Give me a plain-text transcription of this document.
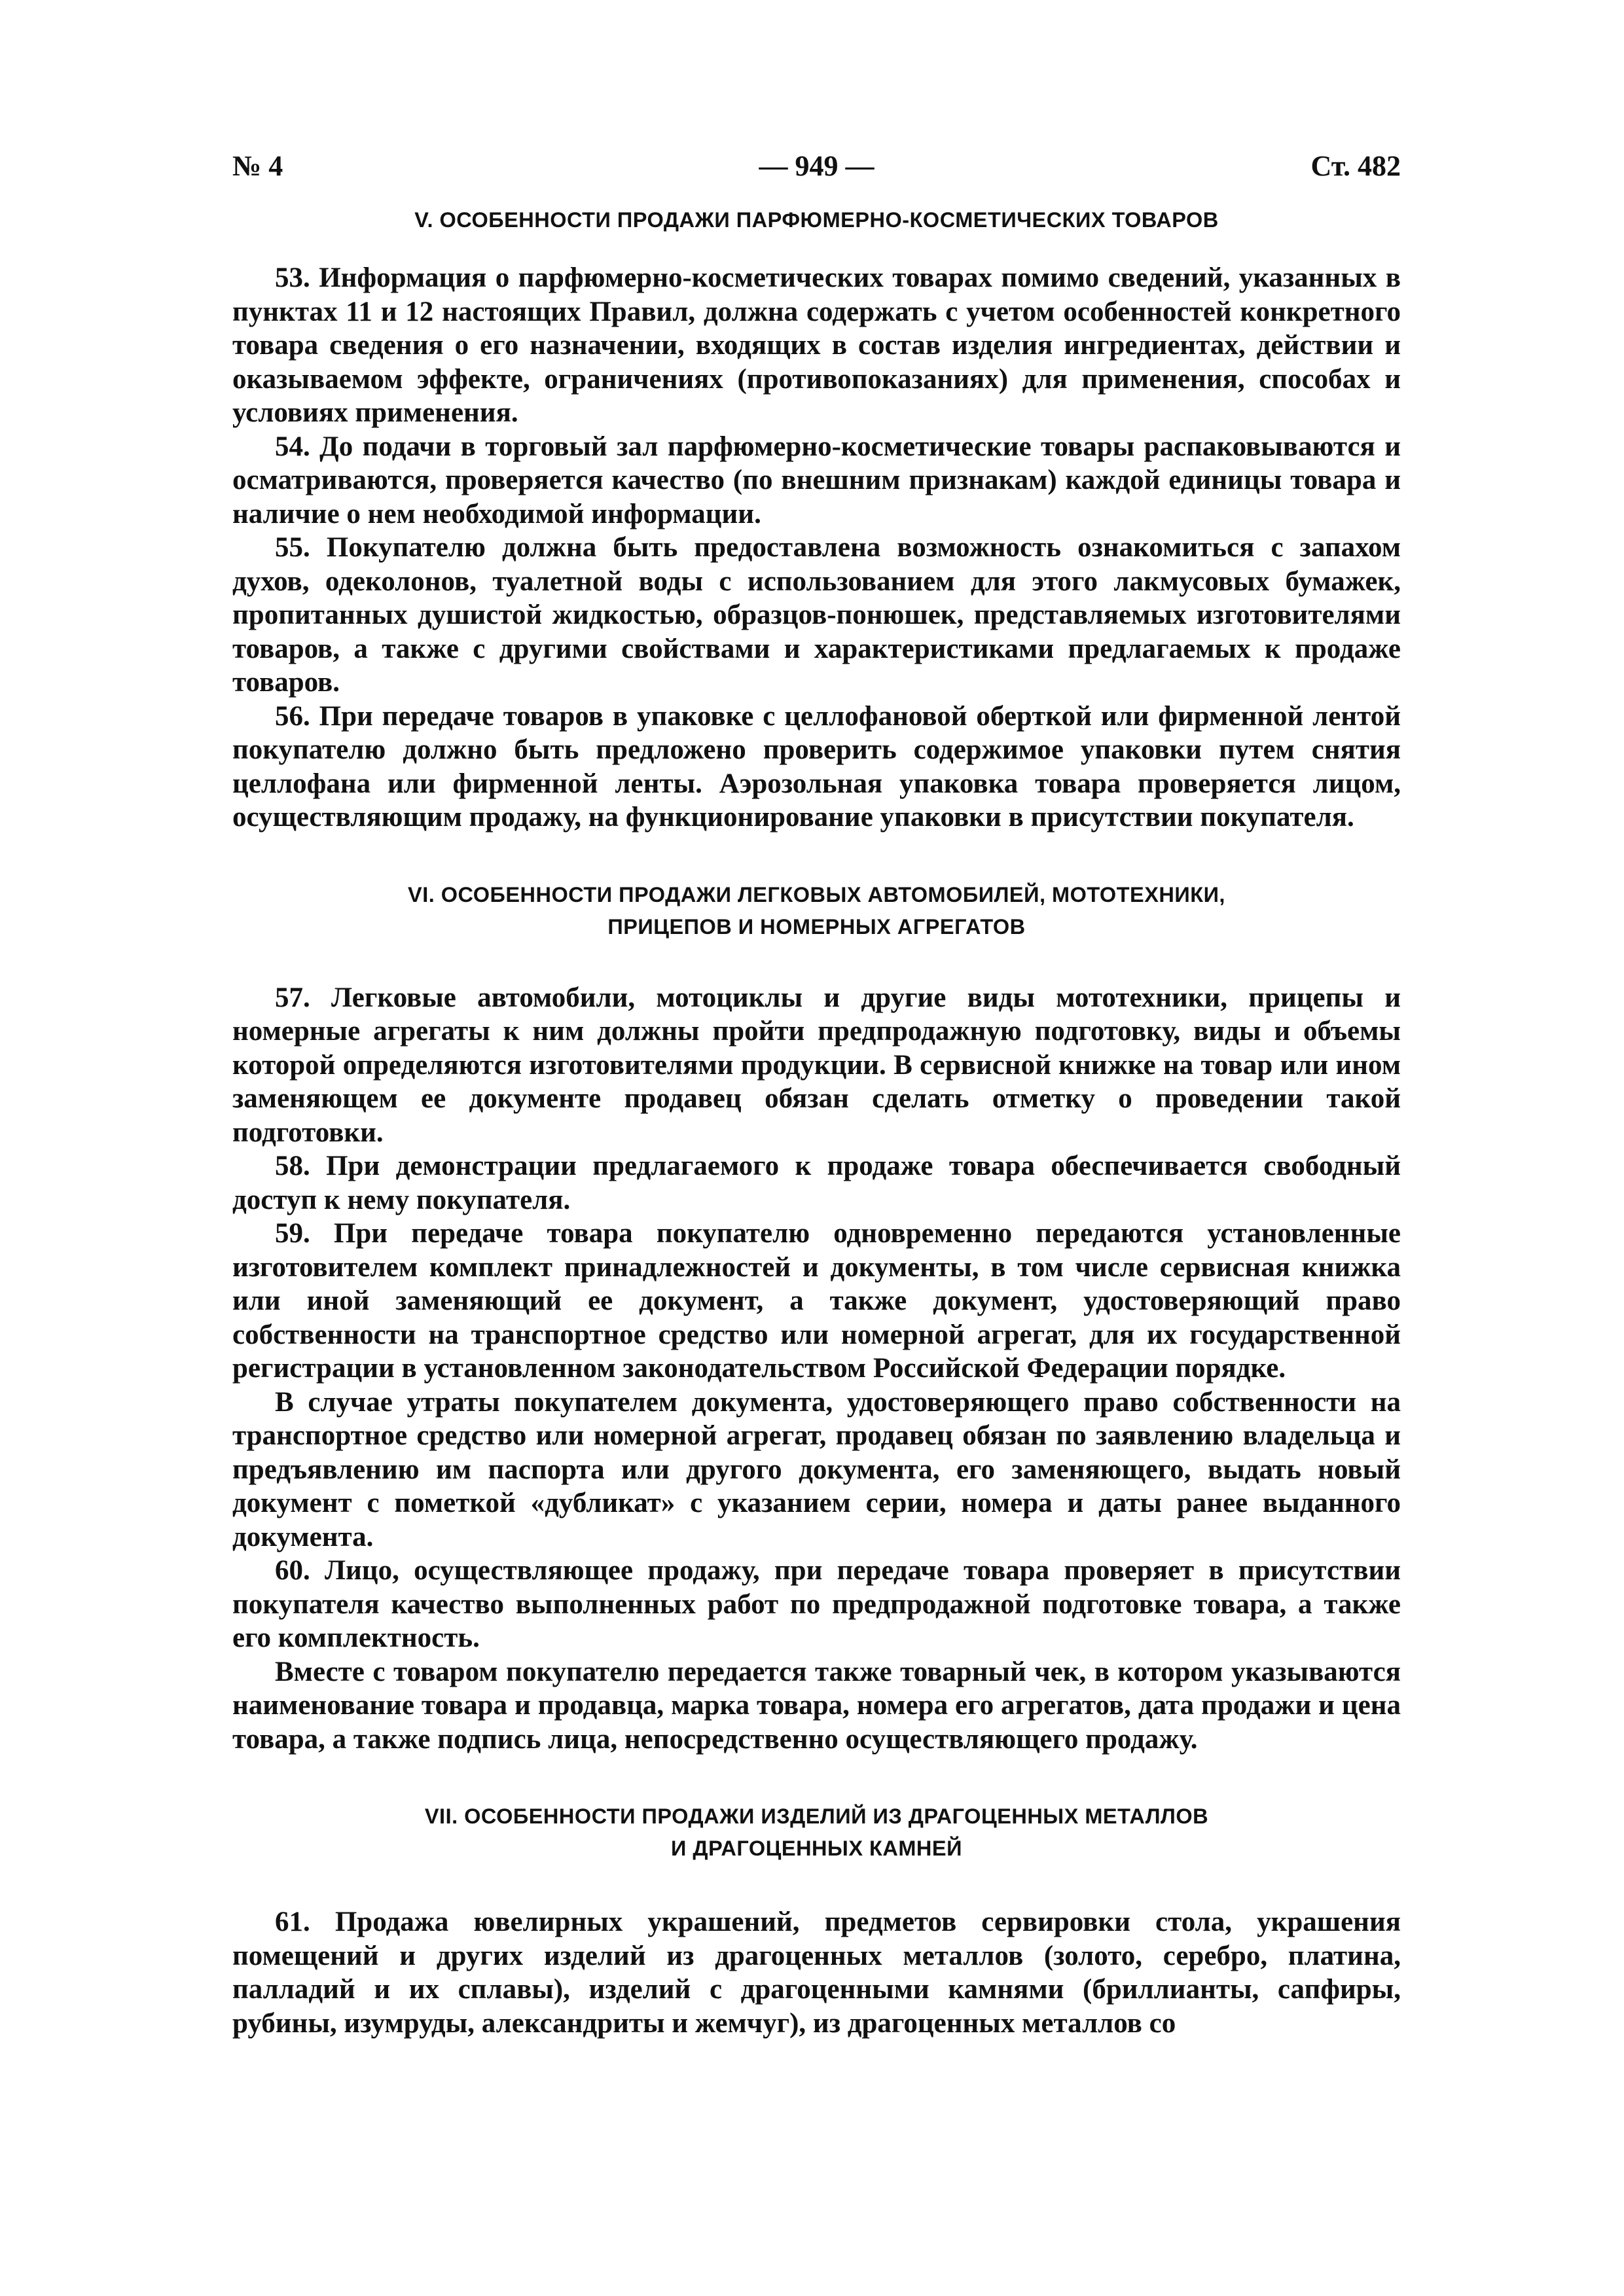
№ 4	— 949 —	Ст. 482
V. ОСОБЕННОСТИ ПРОДАЖИ ПАРФЮМЕРНО-КОСМЕТИЧЕСКИХ ТОВАРОВ

53. Информация о парфюмерно-косметических товарах помимо сведений, указанных в пунктах 11 и 12 настоящих Правил, должна содержать с учетом особенностей конкретного товара сведения о его назначении, входящих в состав изделия ингредиентах, действии и оказываемом эффекте, ограничениях (противопоказаниях) для применения, способах и условиях применения.

54. До подачи в торговый зал парфюмерно-косметические товары распаковываются и осматриваются, проверяется качество (по внешним признакам) каждой единицы товара и наличие о нем необходимой информации.

55. Покупателю должна быть предоставлена возможность ознакомиться с запахом духов, одеколонов, туалетной воды с использованием для этого лакмусовых бумажек, пропитанных душистой жидкостью, образцов-понюшек, представляемых изготовителями товаров, а также с другими свойствами и характеристиками предлагаемых к продаже товаров.

56. При передаче товаров в упаковке с целлофановой оберткой или фирменной лентой покупателю должно быть предложено проверить содержимое упаковки путем снятия целлофана или фирменной ленты. Аэрозольная упаковка товара проверяется лицом, осуществляющим продажу, на функционирование упаковки в присутствии покупателя.

VI. ОСОБЕННОСТИ ПРОДАЖИ ЛЕГКОВЫХ АВТОМОБИЛЕЙ, МОТОТЕХНИКИ,
ПРИЦЕПОВ И НОМЕРНЫХ АГРЕГАТОВ

57. Легковые автомобили, мотоциклы и другие виды мототехники, прицепы и номерные агрегаты к ним должны пройти предпродажную подготовку, виды и объемы которой определяются изготовителями продукции. В сервисной книжке на товар или ином заменяющем ее документе продавец обязан сделать отметку о проведении такой подготовки.

58. При демонстрации предлагаемого к продаже товара обеспечивается свободный доступ к нему покупателя.

59. При передаче товара покупателю одновременно передаются установленные изготовителем комплект принадлежностей и документы, в том числе сервисная книжка или иной заменяющий ее документ, а также документ, удостоверяющий право собственности на транспортное средство или номерной агрегат, для их государственной регистрации в установленном законодательством Российской Федерации порядке.

В случае утраты покупателем документа, удостоверяющего право собственности на транспортное средство или номерной агрегат, продавец обязан по заявлению владельца и предъявлению им паспорта или другого документа, его заменяющего, выдать новый документ с пометкой «дубликат» с указанием серии, номера и даты ранее выданного документа.

60. Лицо, осуществляющее продажу, при передаче товара проверяет в присутствии покупателя качество выполненных работ по предпродажной подготовке товара, а также его комплектность.

Вместе с товаром покупателю передается также товарный чек, в котором указываются наименование товара и продавца, марка товара, номера его агрегатов, дата продажи и цена товара, а также подпись лица, непосредственно осуществляющего продажу.

VII. ОСОБЕННОСТИ ПРОДАЖИ ИЗДЕЛИЙ ИЗ ДРАГОЦЕННЫХ МЕТАЛЛОВ
И ДРАГОЦЕННЫХ КАМНЕЙ

61. Продажа ювелирных украшений, предметов сервировки стола, украшения помещений и других изделий из драгоценных металлов (золото, серебро, платина, палладий и их сплавы), изделий с драгоценными камнями (бриллианты, сапфиры, рубины, изумруды, александриты и жемчуг), из драгоценных металлов со
